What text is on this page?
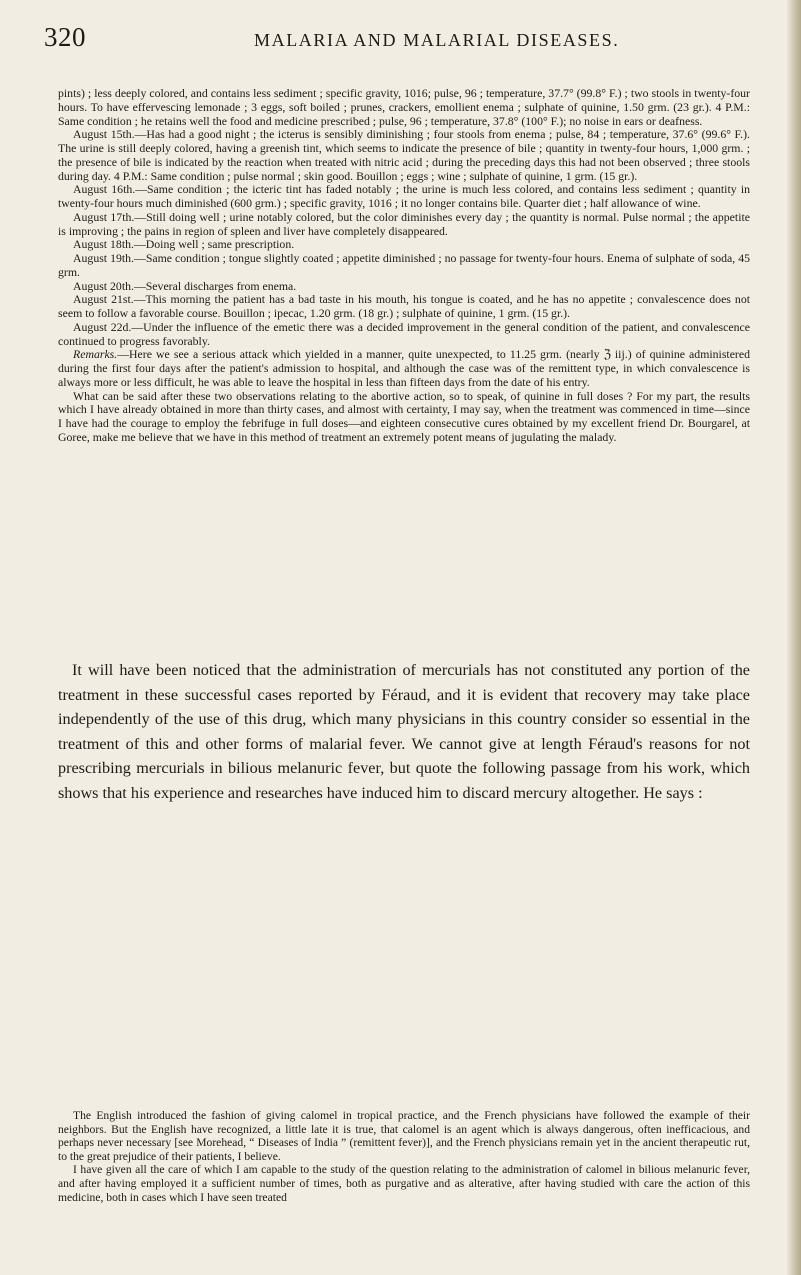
320	MALARIA AND MALARIAL DISEASES.

pints) ; less deeply colored, and contains less sediment ; specific gravity, 1016; pulse, 96 ; temperature, 37.7° (99.8° F.) ; two stools in twenty-four hours. To have effervescing lemonade ; 3 eggs, soft boiled ; prunes, crackers, emollient enema ; sulphate of quinine, 1.50 grm. (23 gr.). 4 P.M.: Same condition ; he retains well the food and medicine prescribed ; pulse, 96 ; temperature, 37.8° (100° F.); no noise in ears or deafness.

August 15th.—Has had a good night ; the icterus is sensibly diminishing ; four stools from enema ; pulse, 84 ; temperature, 37.6° (99.6° F.). The urine is still deeply colored, having a greenish tint, which seems to indicate the presence of bile ; quantity in twenty-four hours, 1,000 grm. ; the presence of bile is indicated by the reaction when treated with nitric acid ; during the preceding days this had not been observed ; three stools during day. 4 P.M.: Same condition ; pulse normal ; skin good. Bouillon ; eggs ; wine ; sulphate of quinine, 1 grm. (15 gr.).

August 16th.—Same condition ; the icteric tint has faded notably ; the urine is much less colored, and contains less sediment ; quantity in twenty-four hours much diminished (600 grm.) ; specific gravity, 1016 ; it no longer contains bile. Quarter diet ; half allowance of wine.

August 17th.—Still doing well ; urine notably colored, but the color diminishes every day ; the quantity is normal. Pulse normal ; the appetite is improving ; the pains in region of spleen and liver have completely disappeared.

August 18th.—Doing well ; same prescription.

August 19th.—Same condition ; tongue slightly coated ; appetite diminished ; no passage for twenty-four hours. Enema of sulphate of soda, 45 grm.

August 20th.—Several discharges from enema.

August 21st.—This morning the patient has a bad taste in his mouth, his tongue is coated, and he has no appetite ; convalescence does not seem to follow a favorable course. Bouillon ; ipecac, 1.20 grm. (18 gr.) ; sulphate of quinine, 1 grm. (15 gr.).

August 22d.—Under the influence of the emetic there was a decided improvement in the general condition of the patient, and convalescence continued to progress favorably.

Remarks.—Here we see a serious attack which yielded in a manner, quite unexpected, to 11.25 grm. (nearly ℨ iij.) of quinine administered during the first four days after the patient's admission to hospital, and although the case was of the remittent type, in which convalescence is always more or less difficult, he was able to leave the hospital in less than fifteen days from the date of his entry.

What can be said after these two observations relating to the abortive action, so to speak, of quinine in full doses ? For my part, the results which I have already obtained in more than thirty cases, and almost with certainty, I may say, when the treatment was commenced in time—since I have had the courage to employ the febrifuge in full doses—and eighteen consecutive cures obtained by my excellent friend Dr. Bourgarel, at Goree, make me believe that we have in this method of treatment an extremely potent means of jugulating the malady.

It will have been noticed that the administration of mercurials has not constituted any portion of the treatment in these successful cases reported by Féraud, and it is evident that recovery may take place independently of the use of this drug, which many physicians in this country consider so essential in the treatment of this and other forms of malarial fever. We cannot give at length Féraud's reasons for not prescribing mercurials in bilious melanuric fever, but quote the following passage from his work, which shows that his experience and researches have induced him to discard mercury altogether. He says :

The English introduced the fashion of giving calomel in tropical practice, and the French physicians have followed the example of their neighbors. But the English have recognized, a little late it is true, that calomel is an agent which is always dangerous, often inefficacious, and perhaps never necessary [see Morehead, “ Diseases of India ” (remittent fever)], and the French physicians remain yet in the ancient therapeutic rut, to the great prejudice of their patients, I believe.

I have given all the care of which I am capable to the study of the question relating to the administration of calomel in bilious melanuric fever, and after having employed it a sufficient number of times, both as purgative and as alterative, after having studied with care the action of this medicine, both in cases which I have seen treated
